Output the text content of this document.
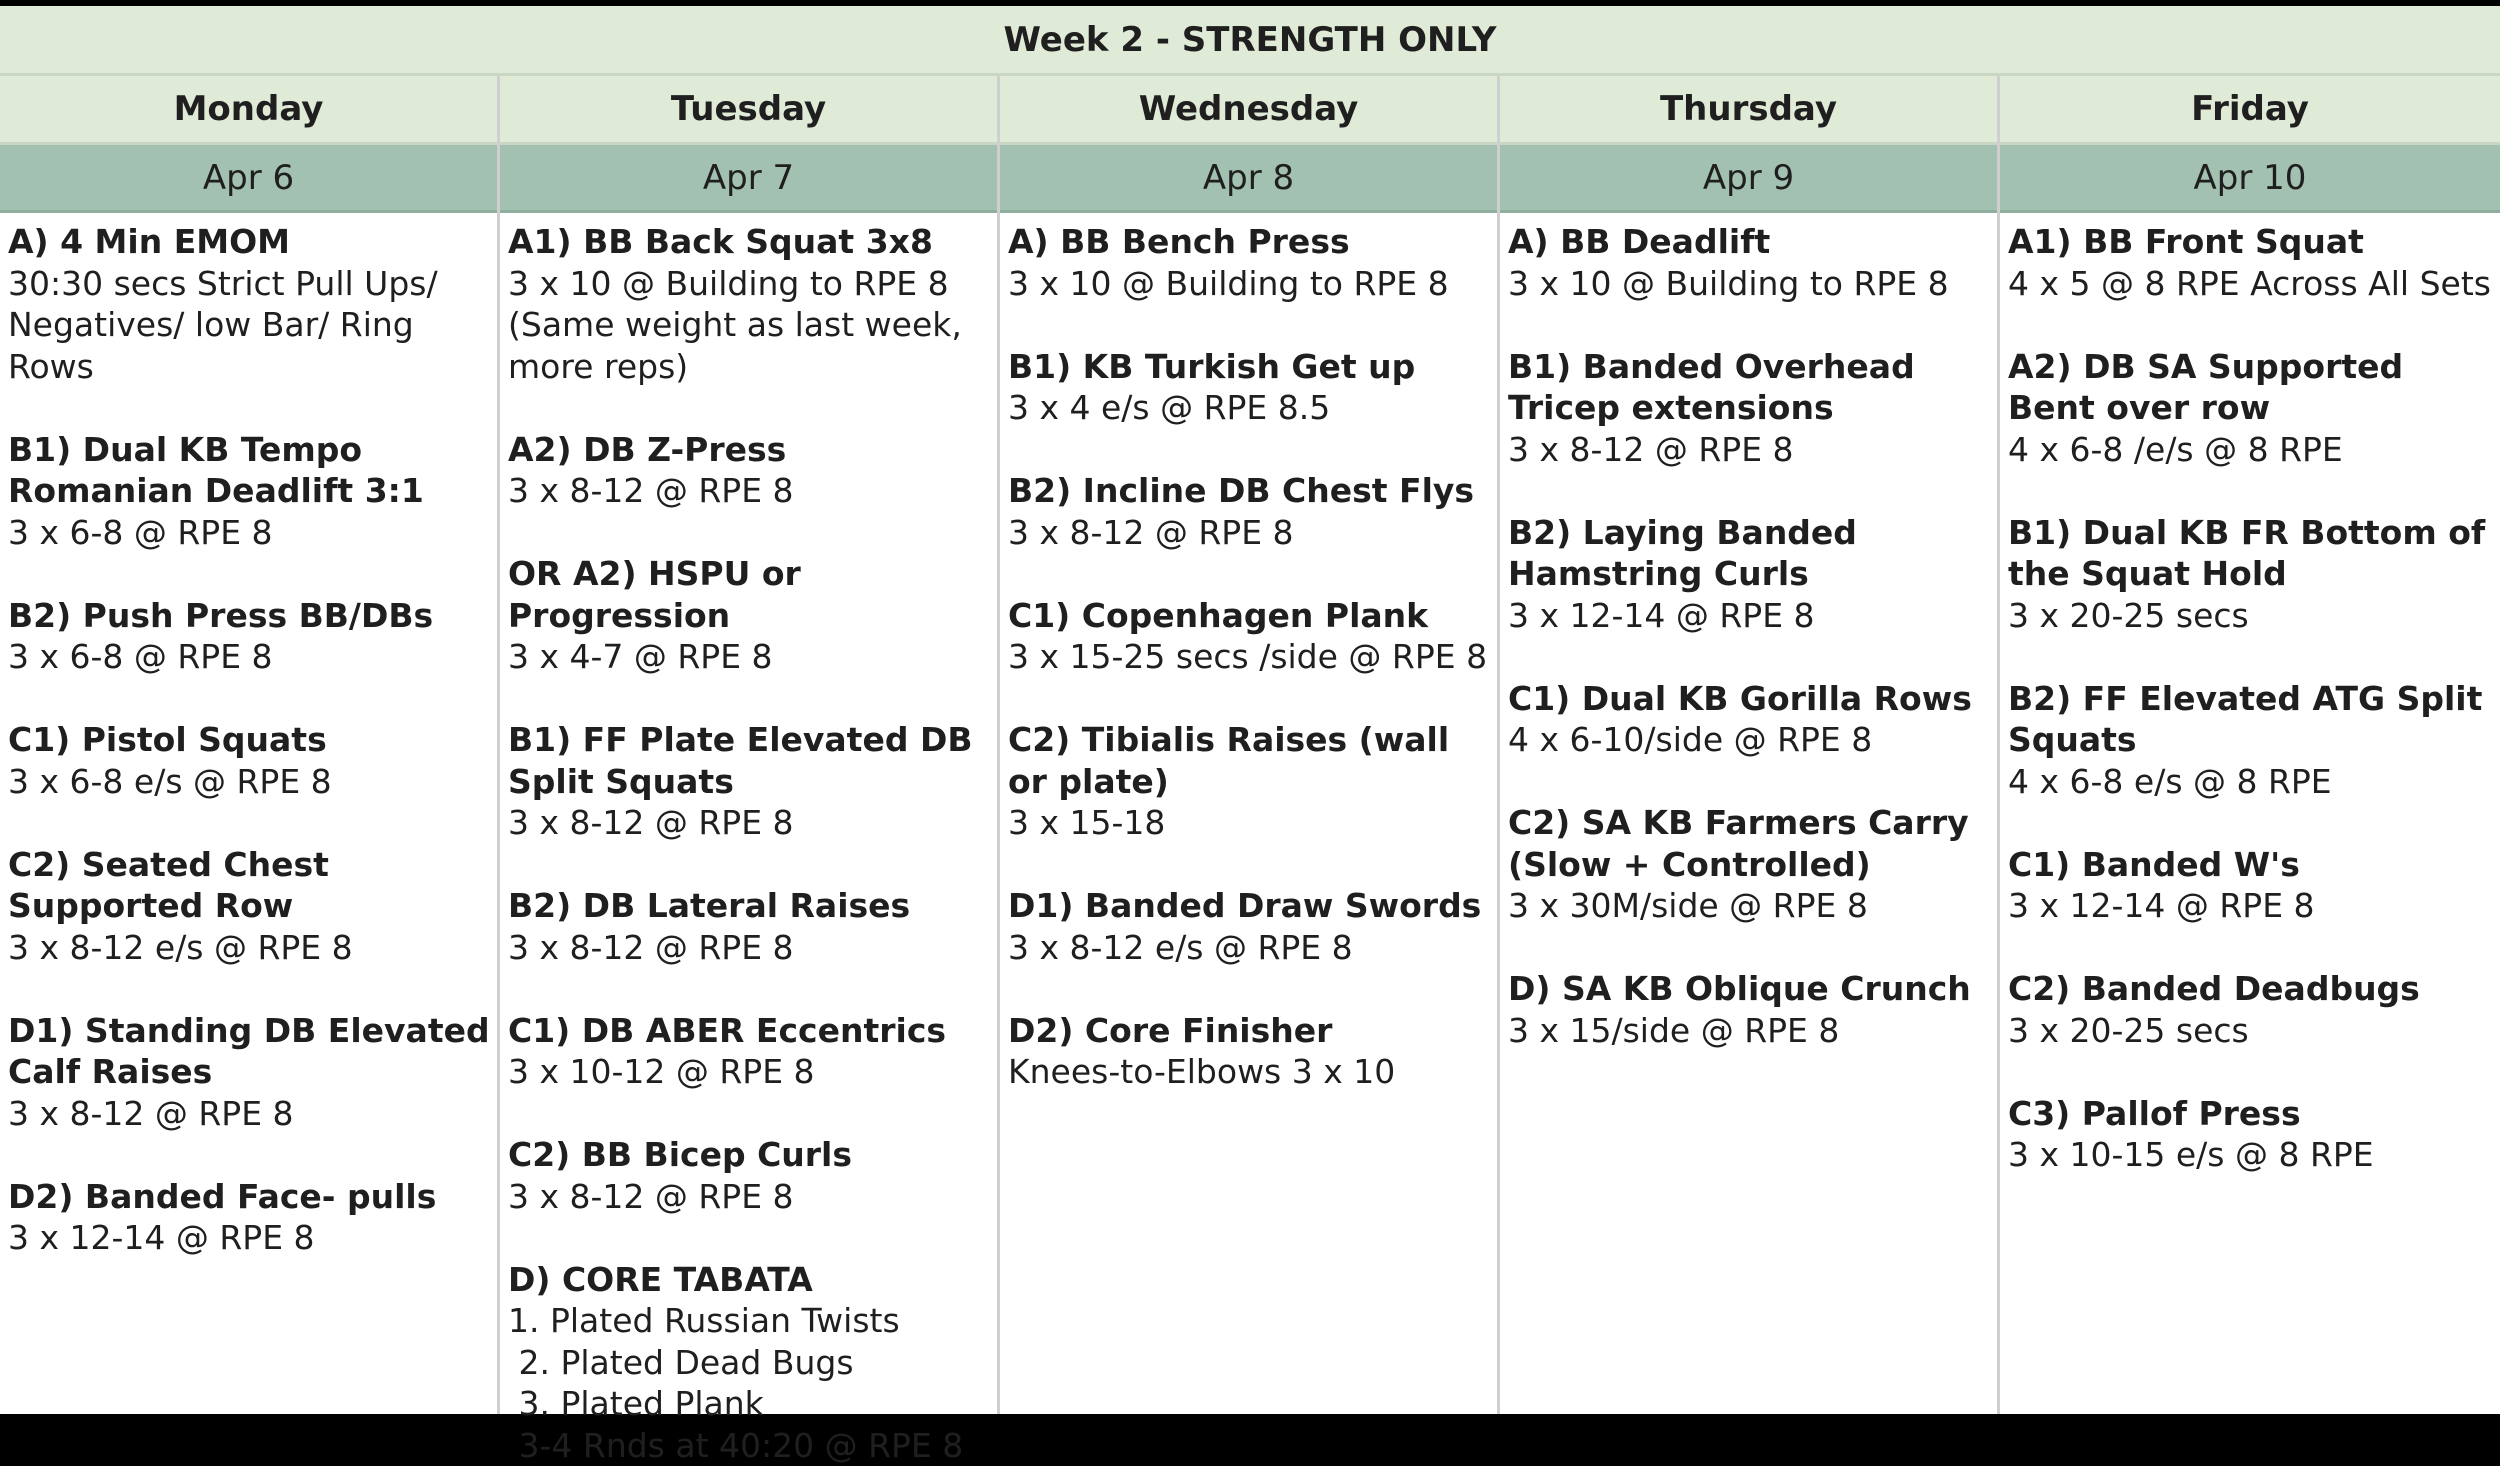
Week 2 - STRENGTH ONLY
Monday
Apr 6
A) 4 Min EMOM
30:30 secs Strict Pull Ups/ Negatives/ low Bar/ Ring Rows
B1) Dual KB Tempo Romanian Deadlift 3:1
3 x 6-8 @ RPE 8
B2) Push Press BB/DBs
3 x 6-8 @ RPE 8
C1) Pistol Squats
3 x 6-8 e/s @ RPE 8
C2) Seated Chest Supported Row
3 x 8-12 e/s @ RPE 8
D1) Standing DB Elevated Calf Raises
3 x 8-12 @ RPE 8
D2) Banded Face- pulls
3 x 12-14 @ RPE 8
Tuesday
Apr 7
A1) BB Back Squat 3x8
3 x 10 @ Building to RPE 8 (Same weight as last week, more reps)
A2) DB Z-Press
3 x 8-12 @ RPE 8
OR A2) HSPU or Progression
3 x 4-7 @ RPE 8
B1) FF Plate Elevated DB Split Squats
3 x 8-12 @ RPE 8
B2) DB Lateral Raises
3 x 8-12 @ RPE 8
C1) DB ABER Eccentrics
3 x 10-12 @ RPE 8
C2) BB Bicep Curls
3 x 8-12 @ RPE 8
D) CORE TABATA
1. Plated Russian Twists
2. Plated Dead Bugs
3. Plated Plank
3-4 Rnds at 40:20 @ RPE 8
Wednesday
Apr 8
A) BB Bench Press
3 x 10 @ Building to RPE 8
B1) KB Turkish Get up
3 x 4 e/s @ RPE 8.5
B2) Incline DB Chest Flys
3 x 8-12 @ RPE 8
C1) Copenhagen Plank
3 x 15-25 secs /side @ RPE 8
C2) Tibialis Raises (wall or plate)
3 x 15-18
D1) Banded Draw Swords
3 x 8-12 e/s @ RPE 8
D2) Core Finisher
Knees-to-Elbows 3 x 10
Thursday
Apr 9
A) BB Deadlift
3 x 10 @ Building to RPE 8
B1) Banded Overhead Tricep extensions
3 x 8-12 @ RPE 8
B2) Laying Banded Hamstring Curls
3 x 12-14 @ RPE 8
C1) Dual KB Gorilla Rows
4 x 6-10/side @ RPE 8
C2) SA KB Farmers Carry (Slow + Controlled)
3 x 30M/side @ RPE 8
D) SA KB Oblique Crunch
3 x 15/side @ RPE 8
Friday
Apr 10
A1) BB Front Squat
4 x 5 @ 8 RPE Across All Sets
A2) DB SA Supported Bent over row
4 x 6-8 /e/s @ 8 RPE
B1) Dual KB FR Bottom of the Squat Hold
3 x 20-25 secs
B2) FF Elevated ATG Split Squats
4 x 6-8 e/s @ 8 RPE
C1) Banded W's
3 x 12-14 @ RPE 8
C2) Banded Deadbugs
3 x 20-25 secs
C3) Pallof Press
3 x 10-15 e/s @ 8 RPE
